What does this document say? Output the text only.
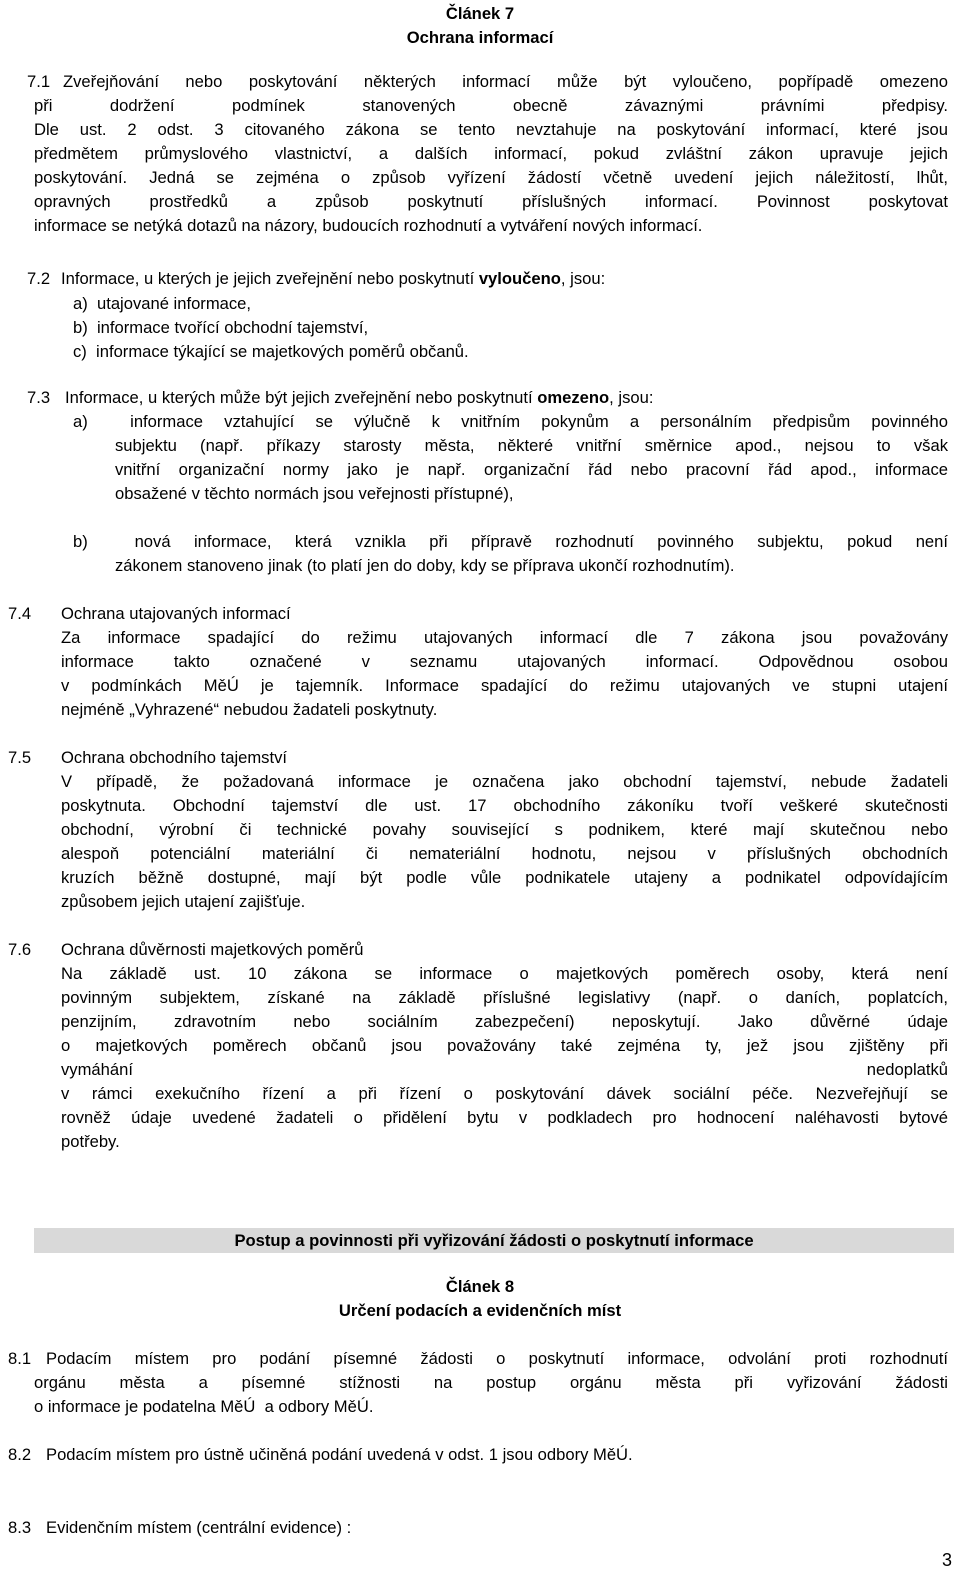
Článek 7
Ochrana informací
7.1 Zveřejňování nebo poskytování některých informací může být vyloučeno, popřípadě omezeno
při dodržení podmínek stanovených obecně závaznými právními předpisy.
Dle ust. 2 odst. 3 citovaného zákona se tento nevztahuje na poskytování informací, které jsou
předmětem průmyslového vlastnictví, a dalších informací, pokud zvláštní zákon upravuje jejich
poskytování. Jedná se zejména o způsob vyřízení žádostí včetně uvedení jejich náležitostí, lhůt,
opravných prostředků a způsob poskytnutí příslušných informací. Povinnost poskytovat
informace se netýká dotazů na názory, budoucích rozhodnutí a vytváření nových informací.
7.2 Informace, u kterých je jejich zveřejnění nebo poskytnutí vyloučeno, jsou:
a)  utajované informace,
b)  informace tvořící obchodní tajemství,
c)  informace týkající se majetkových poměrů občanů.
7.3 Informace, u kterých může být jejich zveřejnění nebo poskytnutí omezeno, jsou:
a)  informace vztahující se výlučně k vnitřním pokynům a personálním předpisům povinného
subjektu (např. příkazy starosty města, některé vnitřní směrnice apod., nejsou to však
vnitřní organizační normy jako je např. organizační řád nebo pracovní řád apod., informace
obsažené v těchto normách jsou veřejnosti přístupné),
b)  nová informace, která vznikla při přípravě rozhodnutí povinného subjektu, pokud není
zákonem stanoveno jinak (to platí jen do doby, kdy se příprava ukončí rozhodnutím).
7.4 Ochrana utajovaných informací
Za informace spadající do režimu utajovaných informací dle 7 zákona jsou považovány
informace takto označené v seznamu utajovaných informací. Odpovědnou osobou
v podmínkách MěÚ je tajemník. Informace spadající do režimu utajovaných ve stupni utajení
nejméně „Vyhrazené“ nebudou žadateli poskytnuty.
7.5 Ochrana obchodního tajemství
V případě, že požadovaná informace je označena jako obchodní tajemství, nebude žadateli
poskytnuta. Obchodní tajemství dle ust. 17 obchodního zákoníku tvoří veškeré skutečnosti
obchodní, výrobní či technické povahy související s podnikem, které mají skutečnou nebo
alespoň potenciální materiální či nemateriální hodnotu, nejsou v příslušných obchodních
kruzích běžně dostupné, mají být podle vůle podnikatele utajeny a podnikatel odpovídajícím
způsobem jejich utajení zajišťuje.
7.6 Ochrana důvěrnosti majetkových poměrů
Na základě ust. 10 zákona se informace o majetkových poměrech osoby, která není
povinným subjektem, získané na základě příslušné legislativy (např. o daních, poplatcích,
penzijním, zdravotním nebo sociálním zabezpečení) neposkytují. Jako důvěrné údaje
o majetkových poměrech občanů jsou považovány také zejména ty, jež jsou zjištěny při
vymáhání nedoplatků
v rámci exekučního řízení a při řízení o poskytování dávek sociální péče. Nezveřejňují se
rovněž údaje uvedené žadateli o přidělení bytu v podkladech pro hodnocení naléhavosti bytové
potřeby.
Postup a povinnosti při vyřizování žádosti o poskytnutí informace
Článek 8
Určení podacích a evidenčních míst
8.1 Podacím místem pro podání písemné žádosti o poskytnutí informace, odvolání proti rozhodnutí
orgánu města a písemné stížnosti na postup orgánu města při vyřizování žádosti
o informace je podatelna MěÚ  a odbory MěÚ.
8.2 Podacím místem pro ústně učiněná podání uvedená v odst. 1 jsou odbory MěÚ.
8.3 Evidenčním místem (centrální evidence) :
3
